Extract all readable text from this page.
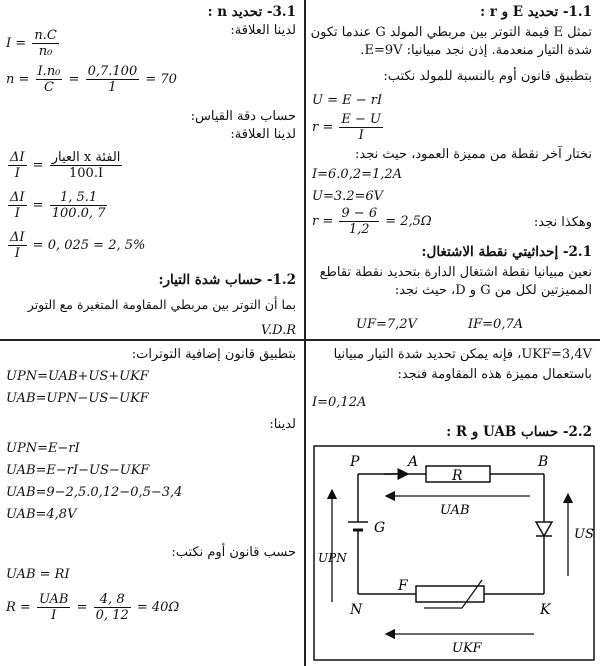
1.1- تحديد E و r :
تمثل E قيمة التوتر بين مربطي المولد G عندما تكون
شدة التيار منعدمة. إذن نجد مبيانيا: E=9V.
بتطبيق قانون أوم بالنسبة للمولد نكتب:
U = E − rI
$r = \frac{E - U}{I}$
نختار آخر نقطة من مميزة العمود، حيث نجد:
I=6.0,2=1,2A
U=3.2=6V
وهكذا نجد:
$r = \frac{9 - 6}{1,2} = 2,5\Omega$
2.1- إحداثيتي نقطة الاشتغال:
نعين مبيانيا نقطة اشتغال الدارة بتحديد نقطة تقاطع
المميزتين لكل من G و D، حيث نجد:
UF=7,2V	IF=0,7A
3.1- تحديد n :
لدينا العلاقة:
$I = \frac{n.C}{\text{n₀}}$
$n = \frac{\text{I.n₀}}{C} = \frac{0,7.100}{1} = 70$
حساب دقة القياس:
لدينا العلاقة:
$\frac{\Delta I}{I} = \frac{\text{العيار x الفئة}}{100.I}$
$\frac{\Delta I}{I} = \frac{1, 5.1}{100.0, 7}$
$\frac{\Delta I}{I} = 0$, 025 = 2, 5%
1.2- حساب شدة التيار:
بما أن التوتر بين مربطي المقاومة المتغيرة مع التوتر
V.D.R
UKF=3,4V، فإنه يمكن تحديد شدة التيار مبيانيا
باستعمال مميزة هذه المقاومة فنجد:
I=0,12A
2.2- حساب UAB و R :
P	A	B
R
G
UAB
US
UPN
N
F
K
UKF
بتطبيق قانون إضافية التوترات:
UPN=UAB+US+UKF
UAB=UPN−US−UKF
لدينا:
UPN=E−rI
UAB=E−rI−US−UKF
UAB=9−2,5.0,12−0,5−3,4
UAB=4,8V
حسب قانون أوم نكتب:
UAB = RI
$R = \frac{\text{UAB}}{I} = \frac{4, 8}{0, 12} = 40\Omega$
